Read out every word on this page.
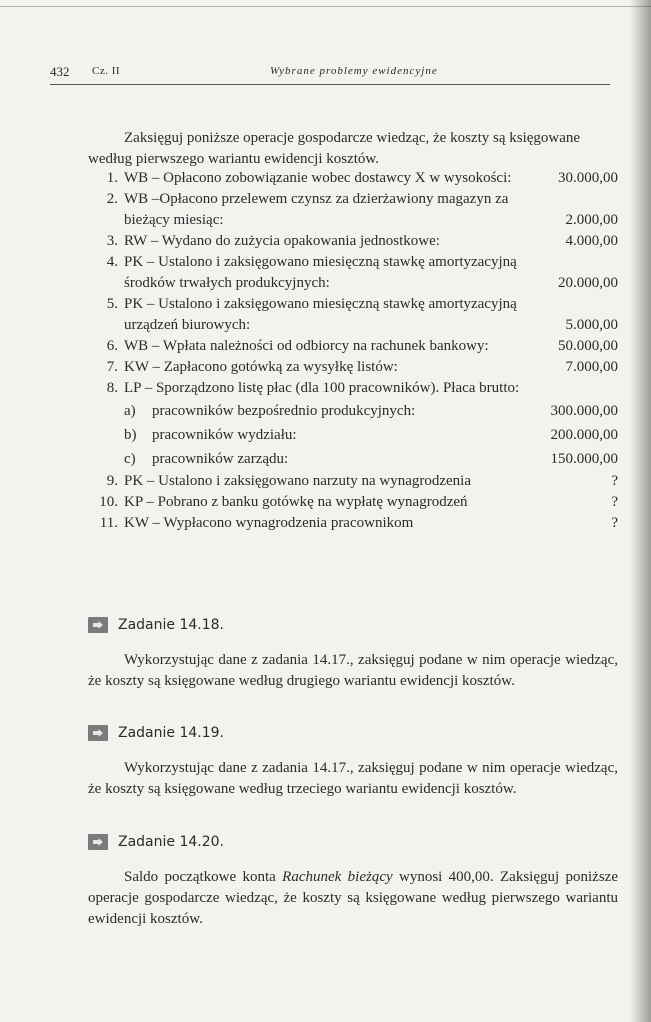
432 Cz. II	Wybrane problemy ewidencyjne

Zaksięguj poniższe operacje gospodarcze wiedząc, że koszty są księgowane według pierwszego wariantu ewidencji kosztów.

1. WB – Opłacono zobowiązanie wobec dostawcy X w wysokości:	30.000,00
2. WB –Opłacono przelewem czynsz za dzierżawiony magazyn za bieżący miesiąc:	2.000,00
3. RW – Wydano do zużycia opakowania jednostkowe:	4.000,00
4. PK – Ustalono i zaksięgowano miesięczną stawkę amortyzacyjną środków trwałych produkcyjnych:	20.000,00
5. PK – Ustalono i zaksięgowano miesięczną stawkę amortyzacyjną urządzeń biurowych:	5.000,00
6. WB – Wpłata należności od odbiorcy na rachunek bankowy:	50.000,00
7. KW – Zapłacono gotówką za wysyłkę listów:	7.000,00
8. LP – Sporządzono listę płac (dla 100 pracowników). Płaca brutto:
a) pracowników bezpośrednio produkcyjnych:	300.000,00
b) pracowników wydziału:	200.000,00
c) pracowników zarządu:	150.000,00
9. PK – Ustalono i zaksięgowano narzuty na wynagrodzenia	?
10. KP – Pobrano z banku gotówkę na wypłatę wynagrodzeń	?
11. KW – Wypłacono wynagrodzenia pracownikom	?
Zadanie 14.18.

Wykorzystując dane z zadania 14.17., zaksięguj podane w nim operacje wiedząc, że koszty są księgowane według drugiego wariantu ewidencji kosztów.

Zadanie 14.19.

Wykorzystując dane z zadania 14.17., zaksięguj podane w nim operacje wiedząc, że koszty są księgowane według trzeciego wariantu ewidencji kosztów.

Zadanie 14.20.

Saldo początkowe konta Rachunek bieżący wynosi 400,00. Zaksięguj poniższe operacje gospodarcze wiedząc, że koszty są księgowane według pierwszego wariantu ewidencji kosztów.
